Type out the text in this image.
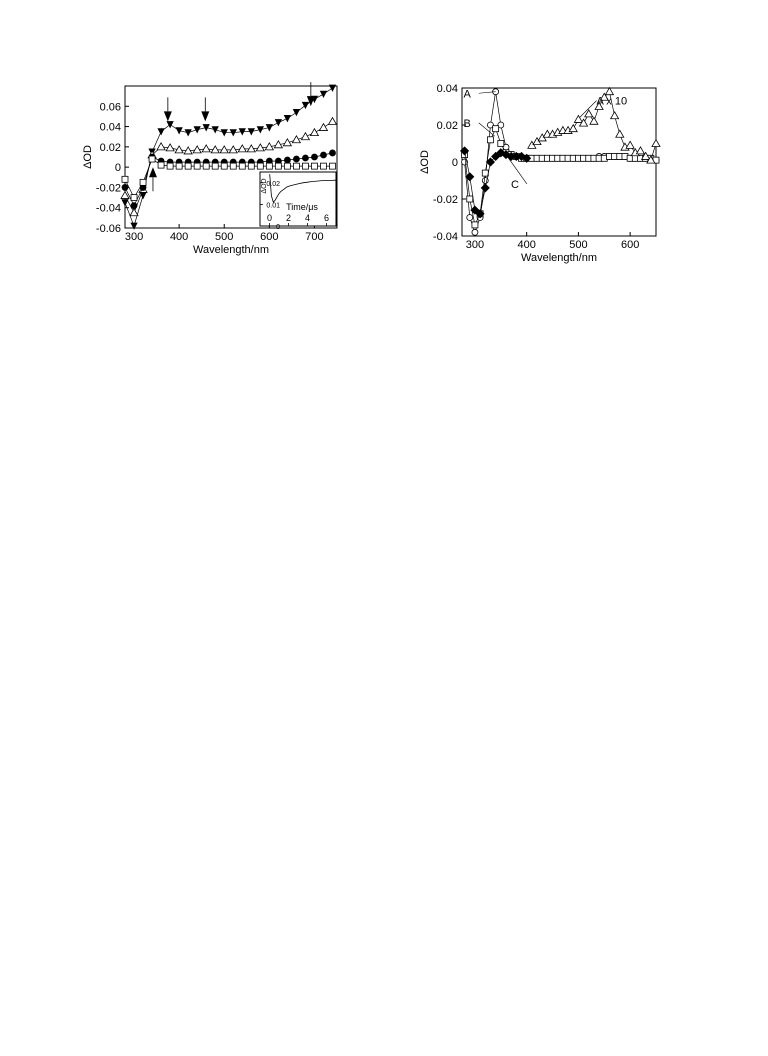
300 400 500 600 700
-0.06
-0.04
-0.02
0
0.02
0.04
0.06
Wavelength/nm
ΔOD
0 2 4 6
0
0.01
0.02
Time/μs
ΔOD
300	400	500	600
-0.04
-0.02
0
0.02
0.04
Wavelength/nm
ΔOD
A
B
C
A x 10
